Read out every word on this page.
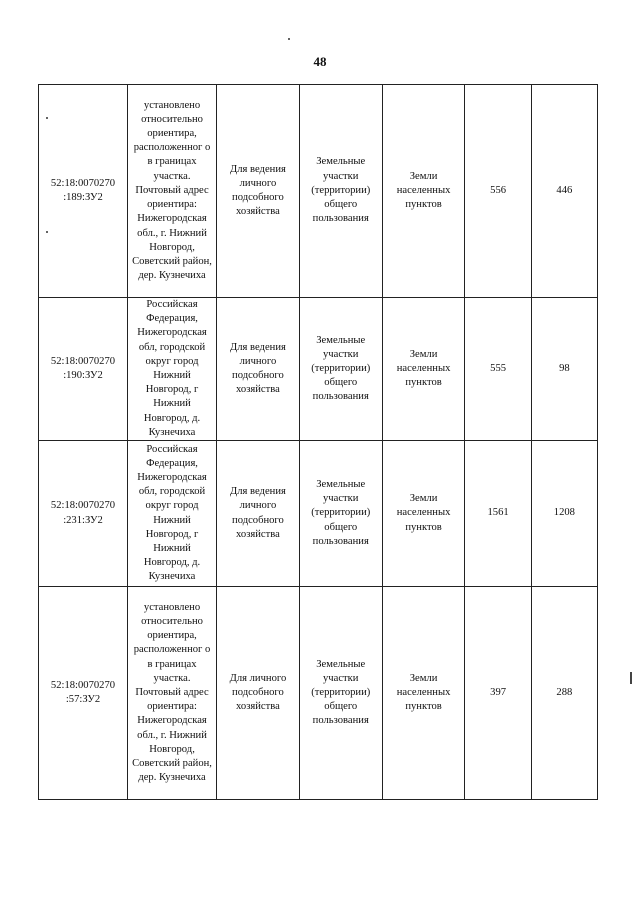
48
52:18:0070270 :189:ЗУ2	установлено относительно ориентира, расположенног о в границах участка. Почтовый адрес ориентира: Нижегородская обл., г. Нижний Новгород, Советский район, дер. Кузнечиха	Для ведения личного подсобного хозяйства	Земельные участки (территории) общего пользования	Земли населенных пунктов	556	446
52:18:0070270 :190:ЗУ2	Российская Федерация, Нижегородская обл, городской округ город Нижний Новгород, г Нижний Новгород, д. Кузнечиха	Для ведения личного подсобного хозяйства	Земельные участки (территории) общего пользования	Земли населенных пунктов	555	98
52:18:0070270 :231:ЗУ2	Российская Федерация, Нижегородская обл, городской округ город Нижний Новгород, г Нижний Новгород, д. Кузнечиха	Для ведения личного подсобного хозяйства	Земельные участки (территории) общего пользования	Земли населенных пунктов	1561	1208
52:18:0070270 :57:ЗУ2	установлено относительно ориентира, расположенног о в границах участка. Почтовый адрес ориентира: Нижегородская обл., г. Нижний Новгород, Советский район, дер. Кузнечиха	Для личного подсобного хозяйства	Земельные участки (территории) общего пользования	Земли населенных пунктов	397	288
